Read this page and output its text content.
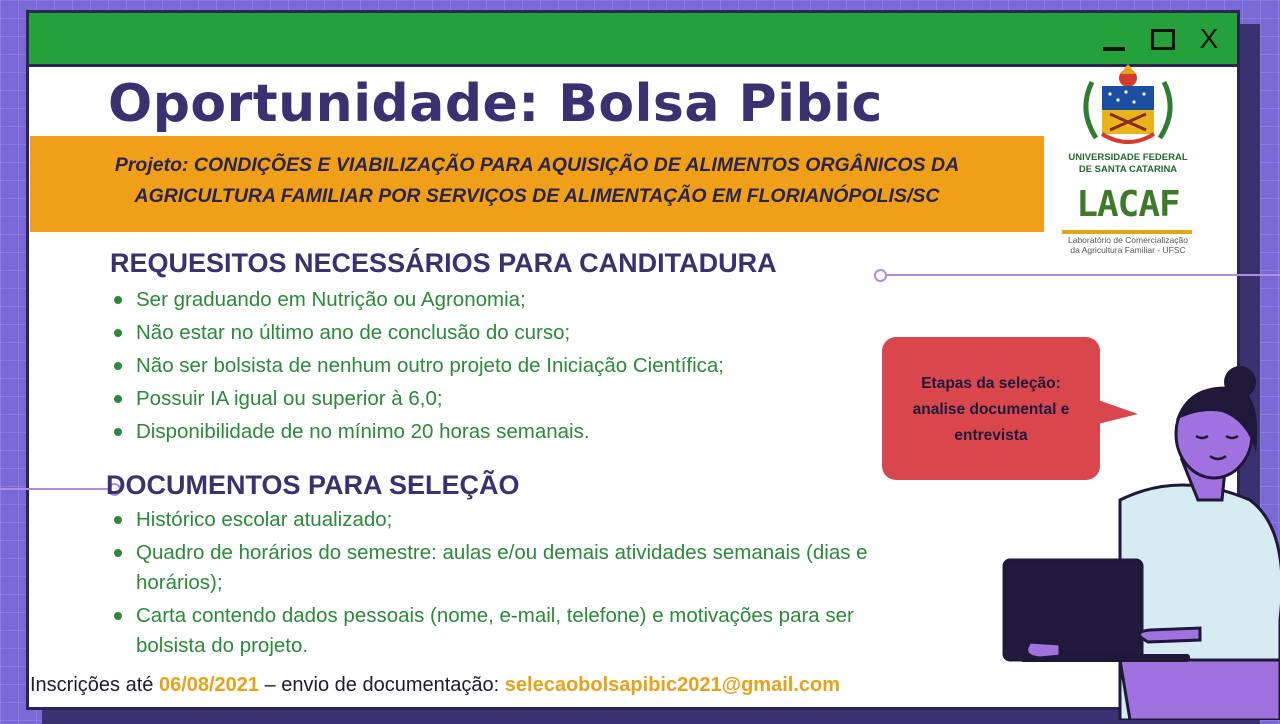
X
Oportunidade: Bolsa Pibic
Projeto: CONDIÇÕES E VIABILIZAÇÃO PARA AQUISIÇÃO DE ALIMENTOS ORGÂNICOS DA
AGRICULTURA FAMILIAR POR SERVIÇOS DE ALIMENTAÇÃO EM FLORIANÓPOLIS/SC
UNIVERSIDADE FEDERAL
DE SANTA CATARINA
LACAF
Laboratório de Comercialização
da Agricultura Familiar - UFSC
REQUESITOS NECESSÁRIOS PARA CANDITADURA
Ser graduando em Nutrição ou Agronomia;
Não estar no último ano de conclusão do curso;
Não ser bolsista de nenhum outro projeto de Iniciação Científica;
Possuir IA igual ou superior à 6,0;
Disponibilidade de no mínimo 20 horas semanais.
DOCUMENTOS PARA SELEÇÃO
Histórico escolar atualizado;
Quadro de horários do semestre: aulas e/ou demais atividades semanais (dias e horários);
Carta contendo dados pessoais (nome, e-mail, telefone) e motivações para ser bolsista do projeto.
Etapas da seleção:
analise documental e
entrevista

Inscrições até 06/08/2021 – envio de documentação: selecaobolsapibic2021@gmail.com
